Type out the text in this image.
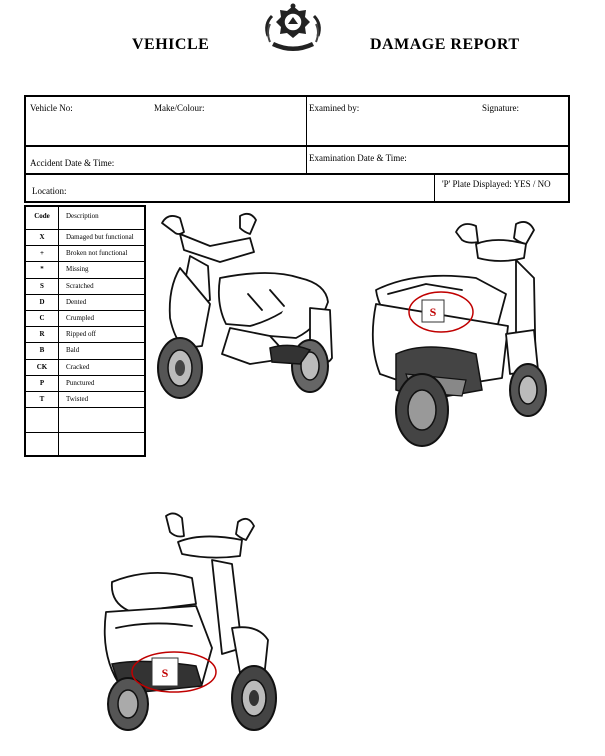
VEHICLE	DAMAGE REPORT
Vehicle No:	Make/Colour:	Examined by:	Signature:
Accident Date & Time:	Examination Date & Time:
Location:
'P' Plate Displayed: YES / NO
Code	Description
X	Damaged but functional
+	Broken not functional
*	Missing
S	Scratched
D	Dented
C	Crumpled
R	Ripped off
B	Bald
CK	Cracked
P	Punctured
T	Twisted
S
S
